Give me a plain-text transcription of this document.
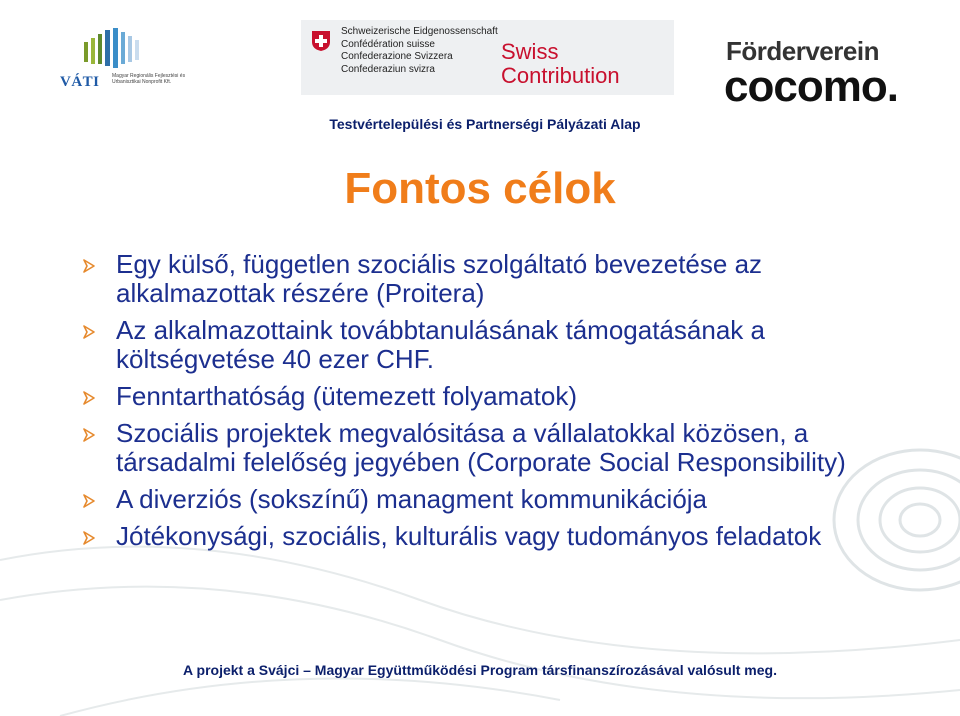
VÁTI Magyar Regionális Fejlesztési és Urbanisztikai Nonprofit Kft.
Schweizerische Eidgenossenschaft
Confédération suisse
Confederazione Svizzera
Confederaziun svizra
Swiss
Contribution
Förderverein
cocomo.
Testvértelepülési és Partnerségi Pályázati Alap
Fontos célok
Egy külső, független szociális szolgáltató bevezetése az alkalmazottak részére (Proitera)
Az alkalmazottaink továbbtanulásának támogatásának a költségvetése 40 ezer CHF.
Fenntarthatóság (ütemezett folyamatok)
Szociális projektek megvalósitása a vállalatokkal közösen, a társadalmi felelőség jegyében (Corporate Social Responsibility)
A diverziós (sokszínű) managment kommunikációja
Jótékonysági, szociális, kulturális vagy tudományos feladatok
A projekt a Svájci – Magyar Együttműködési Program társfinanszírozásával valósult meg.
